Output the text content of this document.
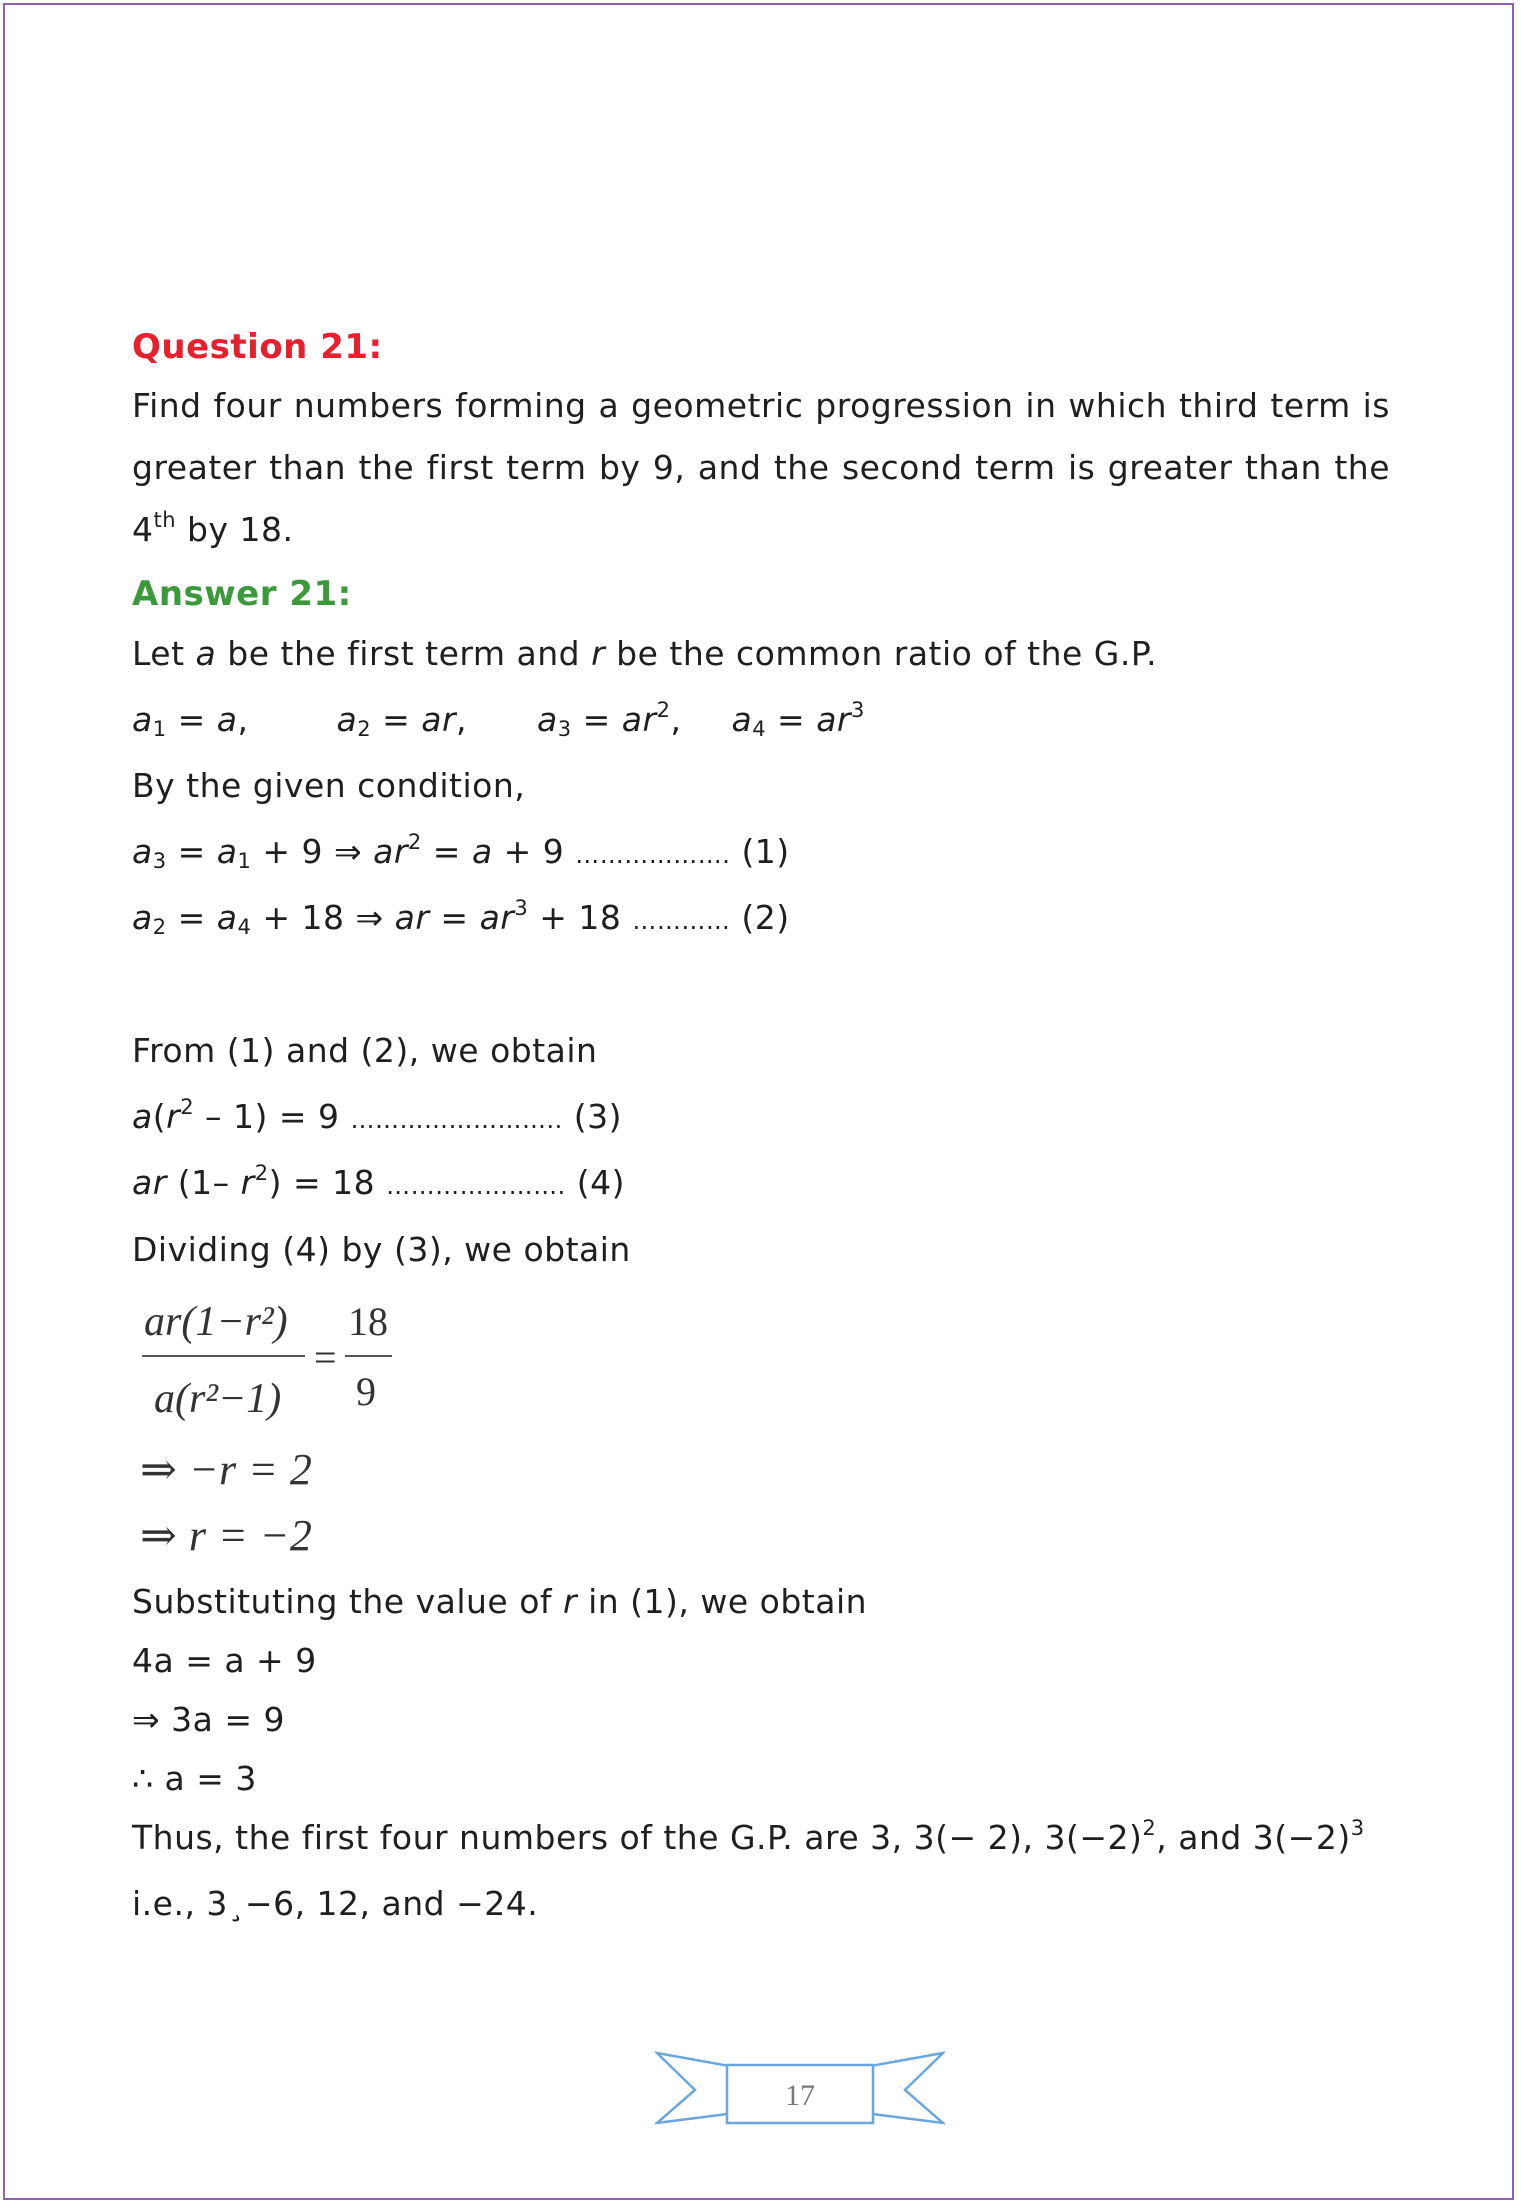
Question 21:
Find four numbers forming a geometric progression in which third term is
greater than the first term by 9, and the second term is greater than the
4th by 18.
Answer 21:
Let a be the first term and r be the common ratio of the G.P.
$a_1 = a$,	$a_2$ = ar, $a_3 = ar^2$, $a_4 = ar^3$
By the given condition,
$a_3 = a_1 + 9$ ⇒ $ar^2 = a + 9$ ………………. (1)
$a_2 = a_4 + 18$ ⇒ ar = $ar^3 + 18$ ………… (2)
From (1) and (2), we obtain
$a(r^2 - 1) = 9$ …………………….. (3)
ar (1– $r^2) = 18$ …………………. (4)
Dividing (4) by (3), we obtain
ar(1−r²)
a(r²−1)
=
18
9
⇒ −r = 2
⇒ r = −2
Substituting the value of r in (1), we obtain
4a = a + 9
⇒ 3a = 9
∴ a = 3
Thus, the first four numbers of the G.P. are 3, 3(− 2), $3(-2)^2$, and $3(-2)^3$
i.e., 3¸−6, 12, and −24.
17
